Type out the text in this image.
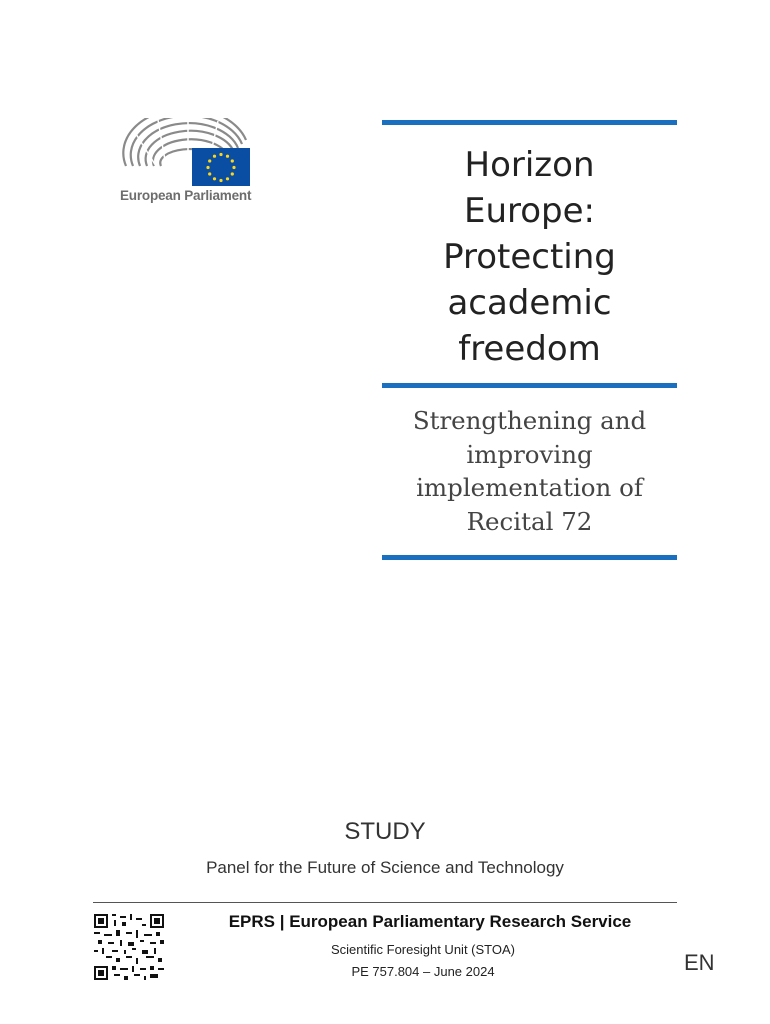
European Parliament
Horizon
Europe:
Protecting
academic
freedom
Strengthening and
improving
implementation of
Recital 72
STUDY
Panel for the Future of Science and Technology
EPRS | European Parliamentary Research Service
Scientific Foresight Unit (STOA)
PE 757.804 – June 2024	EN
